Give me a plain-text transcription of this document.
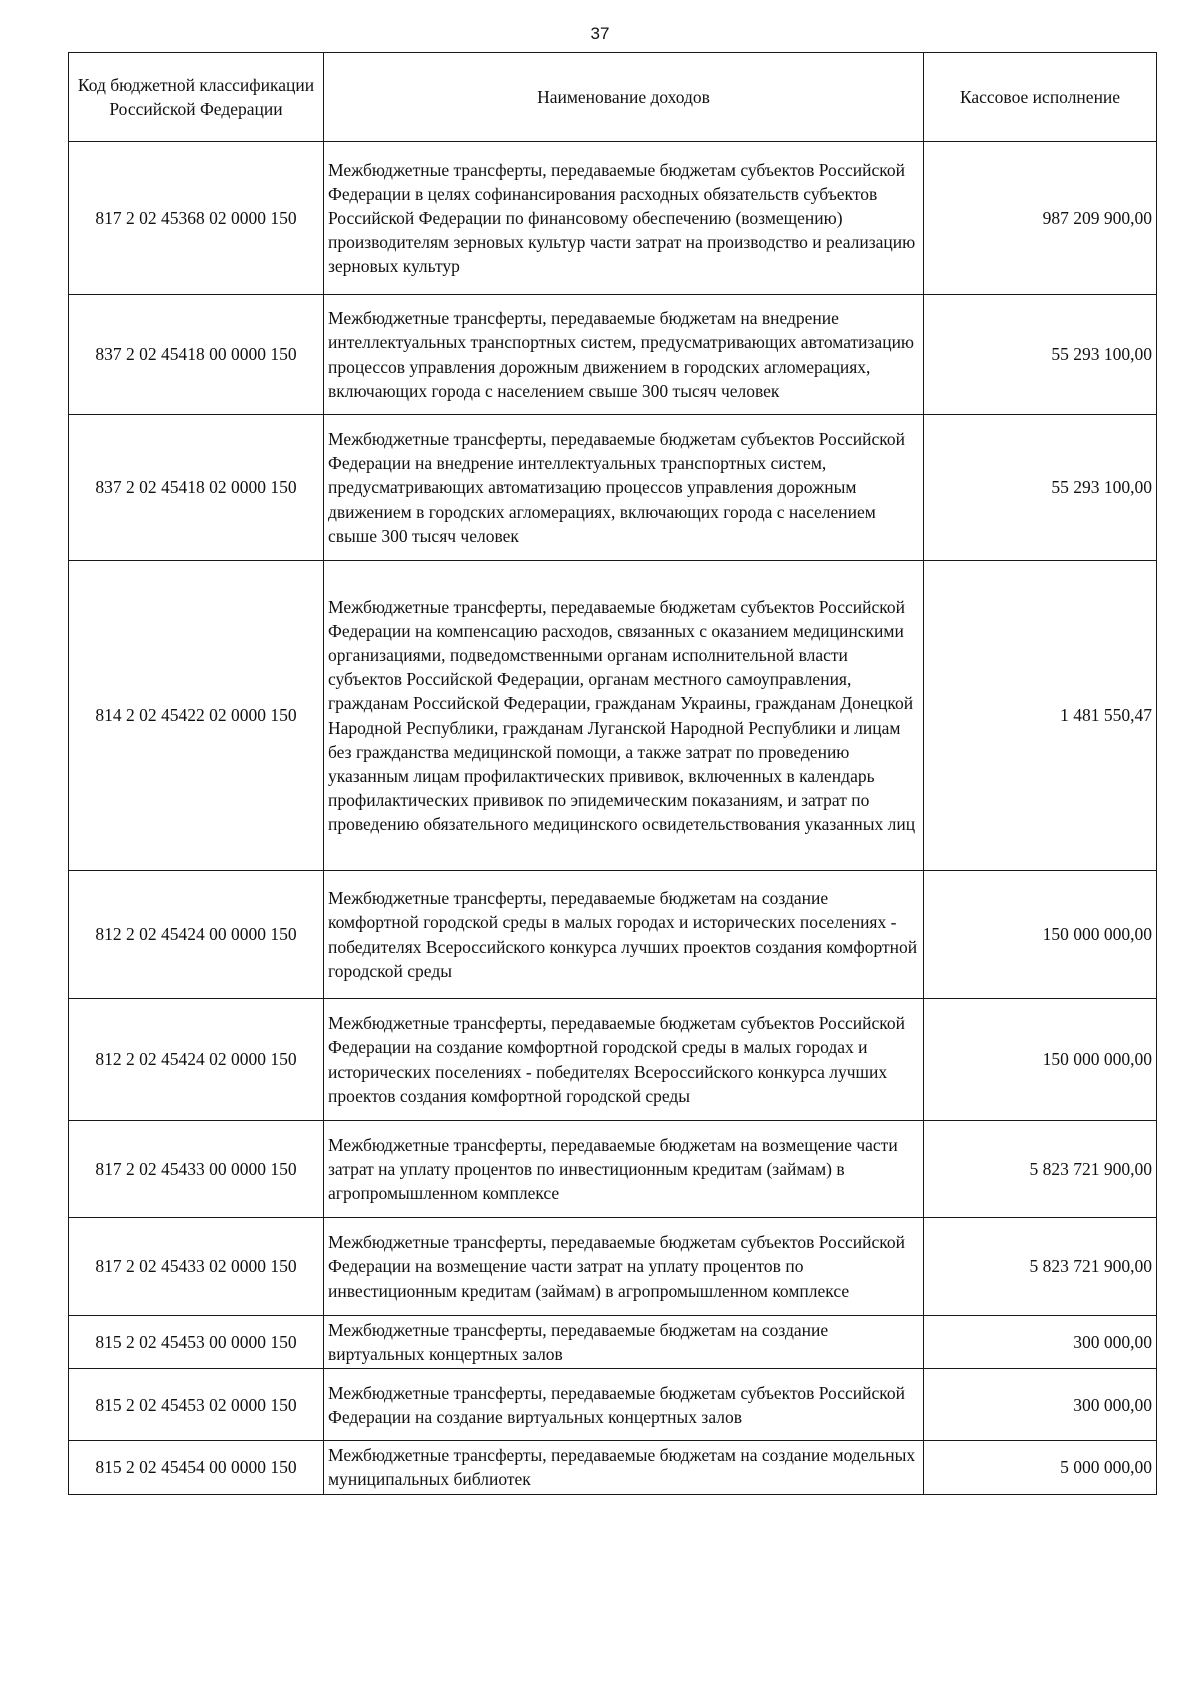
37
Код бюджетной классификации Российской Федерации	Наименование доходов	Кассовое исполнение
817 2 02 45368 02 0000 150	Межбюджетные трансферты, передаваемые бюджетам субъектов Российской Федерации в целях софинансирования расходных обязательств субъектов Российской Федерации по финансовому обеспечению (возмещению) производителям зерновых культур части затрат на производство и реализацию зерновых культур	987 209 900,00
837 2 02 45418 00 0000 150	Межбюджетные трансферты, передаваемые бюджетам на внедрение интеллектуальных транспортных систем, предусматривающих автоматизацию процессов управления дорожным движением в городских агломерациях, включающих города с населением свыше 300 тысяч человек	55 293 100,00
837 2 02 45418 02 0000 150	Межбюджетные трансферты, передаваемые бюджетам субъектов Российской Федерации на внедрение интеллектуальных транспортных систем, предусматривающих автоматизацию процессов управления дорожным движением в городских агломерациях, включающих города с населением свыше 300 тысяч человек	55 293 100,00
814 2 02 45422 02 0000 150	Межбюджетные трансферты, передаваемые бюджетам субъектов Российской Федерации на компенсацию расходов, связанных с оказанием медицинскими организациями, подведомственными органам исполнительной власти субъектов Российской Федерации, органам местного самоуправления, гражданам Российской Федерации, гражданам Украины, гражданам Донецкой Народной Республики, гражданам Луганской Народной Республики и лицам без гражданства медицинской помощи, а также затрат по проведению указанным лицам профилактических прививок, включенных в календарь профилактических прививок по эпидемическим показаниям, и затрат по проведению обязательного медицинского освидетельствования указанных лиц	1 481 550,47
812 2 02 45424 00 0000 150	Межбюджетные трансферты, передаваемые бюджетам на создание комфортной городской среды в малых городах и исторических поселениях - победителях Всероссийского конкурса лучших проектов создания комфортной городской среды	150 000 000,00
812 2 02 45424 02 0000 150	Межбюджетные трансферты, передаваемые бюджетам субъектов Российской Федерации на создание комфортной городской среды в малых городах и исторических поселениях - победителях Всероссийского конкурса лучших проектов создания комфортной городской среды	150 000 000,00
817 2 02 45433 00 0000 150	Межбюджетные трансферты, передаваемые бюджетам на возмещение части затрат на уплату процентов по инвестиционным кредитам (займам) в агропромышленном комплексе	5 823 721 900,00
817 2 02 45433 02 0000 150	Межбюджетные трансферты, передаваемые бюджетам субъектов Российской Федерации на возмещение части затрат на уплату процентов по инвестиционным кредитам (займам) в агропромышленном комплексе	5 823 721 900,00
815 2 02 45453 00 0000 150	Межбюджетные трансферты, передаваемые бюджетам на создание виртуальных концертных залов	300 000,00
815 2 02 45453 02 0000 150	Межбюджетные трансферты, передаваемые бюджетам субъектов Российской Федерации на создание виртуальных концертных залов	300 000,00
815 2 02 45454 00 0000 150	Межбюджетные трансферты, передаваемые бюджетам на создание модельных муниципальных библиотек	5 000 000,00
